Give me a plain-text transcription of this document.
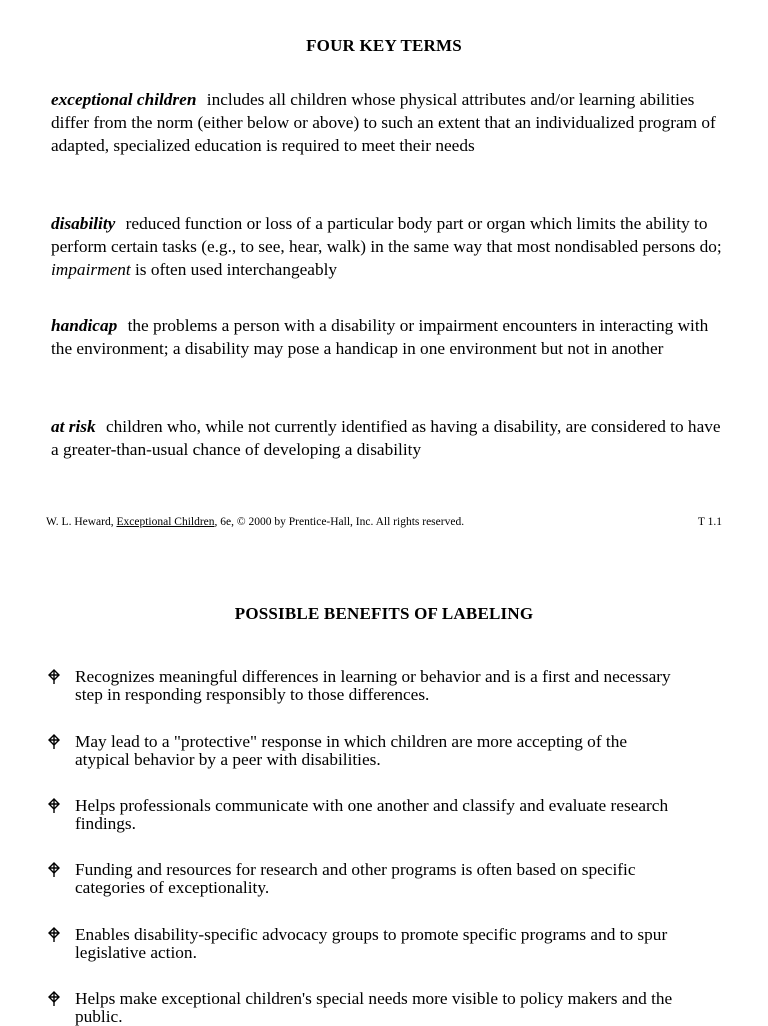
FOUR KEY TERMS
exceptional children includes all children whose physical attributes and/or learning abilities differ from the norm (either below or above) to such an extent that an individualized program of adapted, specialized education is required to meet their needs
disability reduced function or loss of a particular body part or organ which limits the ability to perform certain tasks (e.g., to see, hear, walk) in the same way that most nondisabled persons do; impairment is often used interchangeably
handicap the problems a person with a disability or impairment encounters in interacting with the environment; a disability may pose a handicap in one environment but not in another
at risk children who, while not currently identified as having a disability, are considered to have a greater-than-usual chance of developing a disability
W. L. Heward, Exceptional Children, 6e, © 2000 by Prentice-Hall, Inc. All rights reserved.	T 1.1
POSSIBLE BENEFITS OF LABELING
Recognizes meaningful differences in learning or behavior and is a first and necessary step in responding responsibly to those differences.
May lead to a "protective" response in which children are more accepting of the atypical behavior by a peer with disabilities.
Helps professionals communicate with one another and classify and evaluate research findings.
Funding and resources for research and other programs is often based on specific categories of exceptionality.
Enables disability-specific advocacy groups to promote specific programs and to spur legislative action.
Helps make exceptional children's special needs more visible to policy makers and the public.
